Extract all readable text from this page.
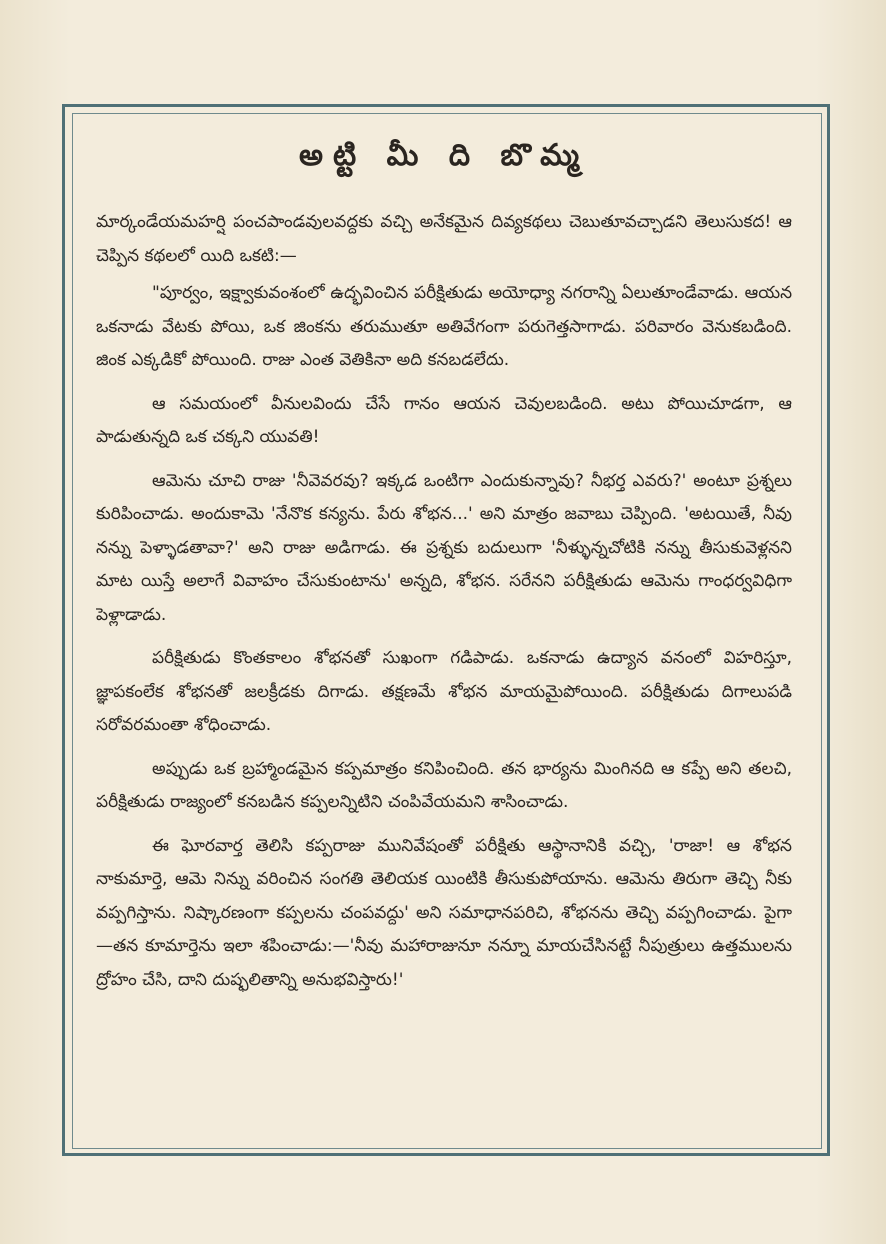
అట్టి మీ ది బొమ్మ

మార్కండేయమహర్షి పంచపాండవులవద్దకు వచ్చి అనేకమైన దివ్యకథలు చెబుతూవచ్చాడని తెలుసుకద! ఆ చెప్పిన కథలలో యిది ఒకటి:—

"పూర్వం, ఇక్ష్వాకువంశంలో ఉద్భవించిన పరీక్షితుడు అయోధ్యా నగరాన్ని ఏలుతూండేవాడు. ఆయన ఒకనాడు వేటకు పోయి, ఒక జింకను తరుముతూ అతివేగంగా పరుగెత్తసాగాడు. పరివారం వెనుకబడింది. జింక ఎక్కడికో పోయింది. రాజు ఎంత వెతికినా అది కనబడలేదు.

ఆ సమయంలో వీనులవిందు చేసే గానం ఆయన చెవులబడింది. అటు పోయిచూడగా, ఆ పాడుతున్నది ఒక చక్కని యువతి!

ఆమెను చూచి రాజు 'నీవెవరవు? ఇక్కడ ఒంటిగా ఎందుకున్నావు? నీభర్త ఎవరు?' అంటూ ప్రశ్నలు కురిపించాడు. అందుకామె 'నేనొక కన్యను. పేరు శోభన...' అని మాత్రం జవాబు చెప్పింది. 'అటయితే, నీవు నన్ను పెళ్ళాడతావా?' అని రాజు అడిగాడు. ఈ ప్రశ్నకు బదులుగా 'నీళ్ళున్నచోటికి నన్ను తీసుకువెళ్లనని మాట యిస్తే అలాగే వివాహం చేసుకుంటాను' అన్నది, శోభన. సరేనని పరీక్షితుడు ఆమెను గాంధర్వవిధిగా పెళ్లాడాడు.

పరీక్షితుడు కొంతకాలం శోభనతో సుఖంగా గడిపాడు. ఒకనాడు ఉద్యాన వనంలో విహరిస్తూ, జ్ఞాపకంలేక శోభనతో జలక్రీడకు దిగాడు. తక్షణమే శోభన మాయమైపోయింది. పరీక్షితుడు దిగాలుపడి సరోవరమంతా శోధించాడు.

అప్పుడు ఒక బ్రహ్మాండమైన కప్పమాత్రం కనిపించింది. తన భార్యను మింగినది ఆ కప్పే అని తలచి, పరీక్షితుడు రాజ్యంలో కనబడిన కప్పలన్నిటిని చంపివేయమని శాసించాడు.

ఈ ఘోరవార్త తెలిసి కప్పరాజు మునివేషంతో పరీక్షితు ఆస్థానానికి వచ్చి, 'రాజా! ఆ శోభన నాకుమార్తె, ఆమె నిన్ను వరించిన సంగతి తెలియక యింటికి తీసుకుపోయాను. ఆమెను తిరుగా తెచ్చి నీకు వప్పగిస్తాను. నిష్కారణంగా కప్పలను చంపవద్దు' అని సమాధానపరిచి, శోభనను తెచ్చి వప్పగించాడు. పైగా—తన కూమార్తెను ఇలా శపించాడు:—'నీవు మహారాజునూ నన్నూ మాయచేసినట్టే నీపుత్రులు ఉత్తములను ద్రోహం చేసి, దాని దుష్ఫలితాన్ని అనుభవిస్తారు!'
